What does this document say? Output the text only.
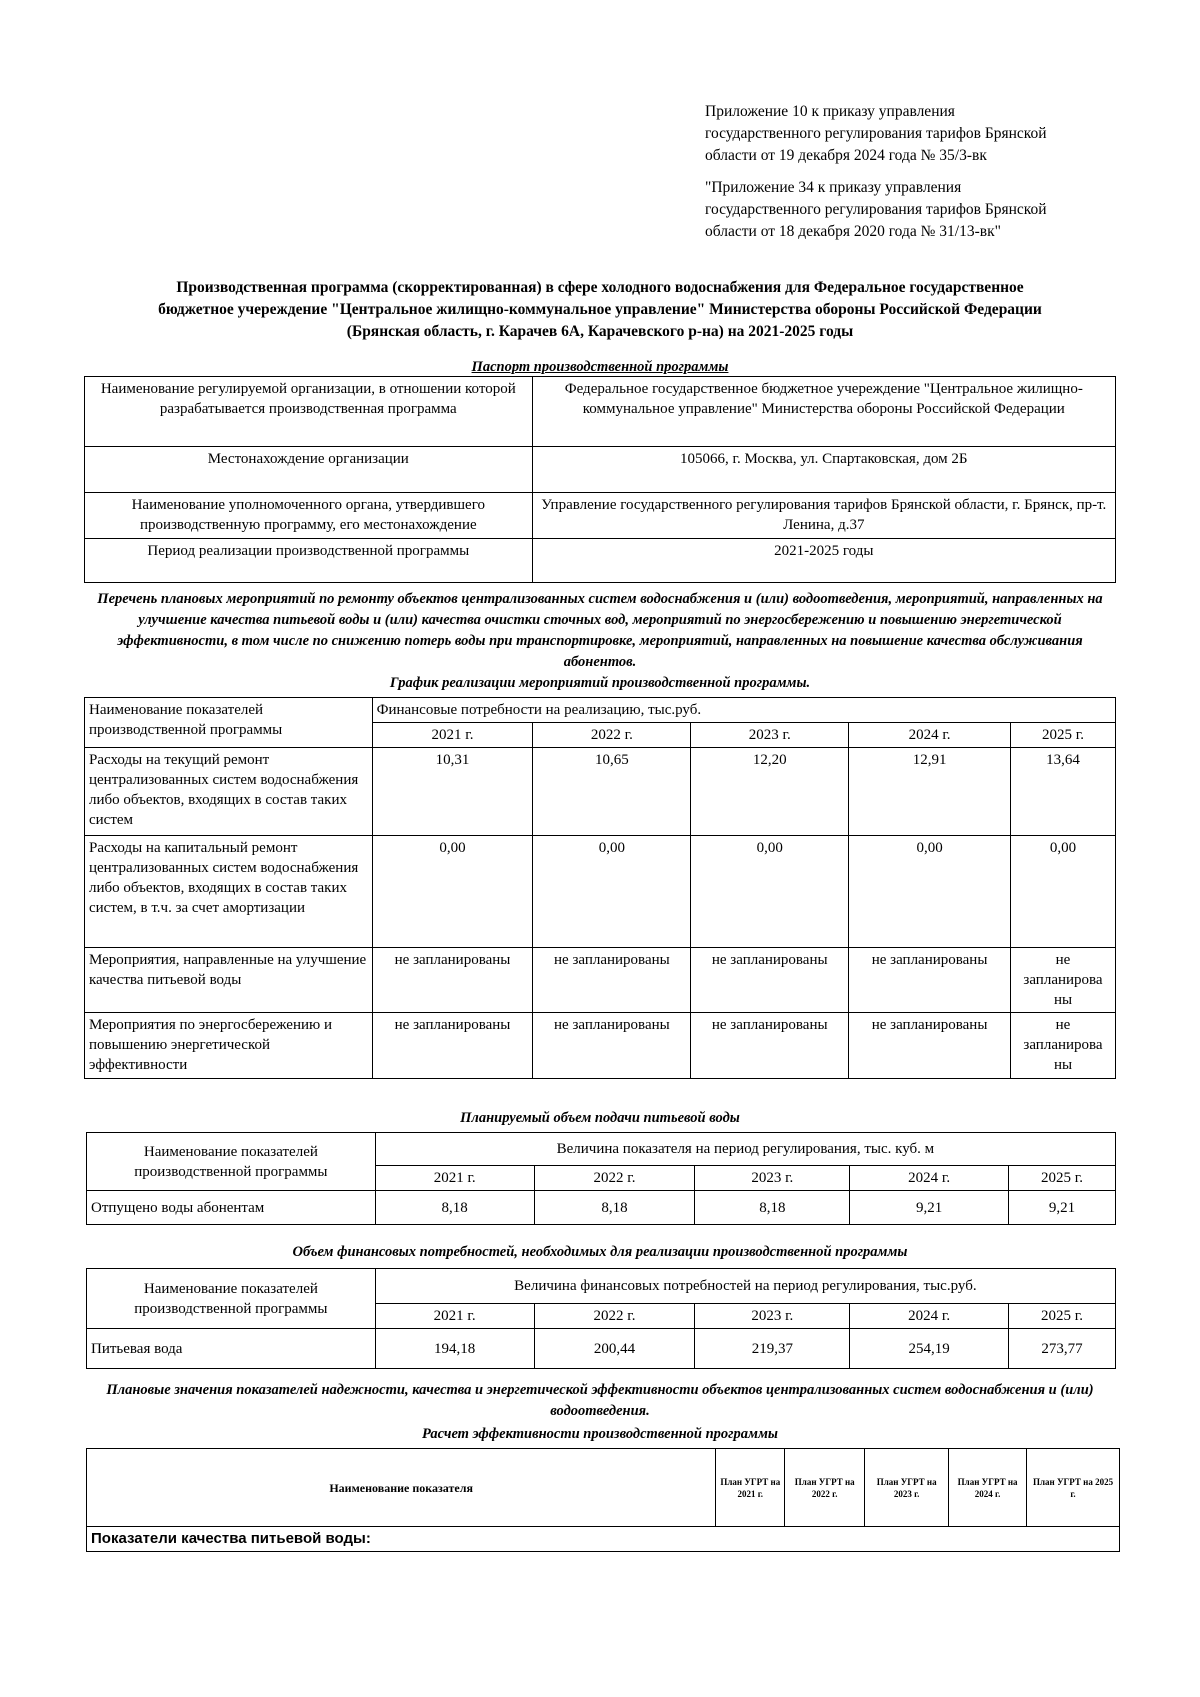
Приложение 10 к приказу управления
государственного регулирования тарифов Брянской
области от 19 декабря 2024 года № 35/3-вк
"Приложение 34 к приказу управления
государственного регулирования тарифов Брянской
области от 18 декабря 2020 года № 31/13-вк"
Производственная программа (скорректированная) в сфере холодного водоснабжения для Федеральное государственное
бюджетное учереждение "Центральное жилищно-коммунальное управление" Министерства обороны Российской Федерации
(Брянская область, г. Карачев 6А, Карачевского р-на) на 2021-2025 годы
Паспорт производственной программы
Наименование регулируемой организации, в отношении которой разрабатывается производственная программа	Федеральное государственное бюджетное учереждение "Центральное жилищно-коммунальное управление" Министерства обороны Российской Федерации
Местонахождение организации	105066, г. Москва, ул. Спартаковская, дом 2Б
Наименование уполномоченного органа, утвердившего производственную программу, его местонахождение	Управление государственного регулирования тарифов Брянской области, г. Брянск, пр-т. Ленина, д.37
Период реализации производственной программы	2021-2025 годы
Перечень плановых мероприятий по ремонту объектов централизованных систем водоснабжения и (или) водоотведения, мероприятий, направленных на улучшение качества питьевой воды и (или) качества очистки сточных вод, мероприятий по энергосбережению и повышению энергетической эффективности, в том числе по снижению потерь воды при транспортировке, мероприятий, направленных на повышение качества обслуживания абонентов.
График реализации мероприятий производственной программы.
Наименование показателей производственной программы	Финансовые потребности на реализацию, тыс.руб.				
	2021 г.	2022 г.	2023 г.	2024 г.	2025 г.
Расходы на текущий ремонт централизованных систем водоснабжения либо объектов, входящих в состав таких систем	10,31	10,65	12,20	12,91	13,64
Расходы на капитальный ремонт централизованных систем водоснабжения либо объектов, входящих в состав таких систем, в т.ч. за счет амортизации	0,00	0,00	0,00	0,00	0,00
Мероприятия, направленные на улучшение качества питьевой воды	не запланированы	не запланированы	не запланированы	не запланированы	не запланирова ны
Мероприятия по энергосбережению и повышению энергетической эффективности	не запланированы	не запланированы	не запланированы	не запланированы	не запланирова ны
Планируемый объем подачи питьевой воды
Наименование показателей производственной программы	Величина показателя на период регулирования, тыс. куб. м				
	2021 г.	2022 г.	2023 г.	2024 г.	2025 г.
Отпущено воды абонентам	8,18	8,18	8,18	9,21	9,21
Объем финансовых потребностей, необходимых для реализации производственной программы
Наименование показателей производственной программы	Величина финансовых потребностей на период регулирования, тыс.руб.				
	2021 г.	2022 г.	2023 г.	2024 г.	2025 г.
Питьевая вода	194,18	200,44	219,37	254,19	273,77
Плановые значения показателей надежности, качества и энергетической эффективности объектов централизованных систем водоснабжения и (или) водоотведения.
Расчет эффективности производственной программы
Наименование показателя	План УГРТ на 2021 г.	План УГРТ на 2022 г.	План УГРТ на 2023 г.	План УГРТ на 2024 г.	План УГРТ на 2025 г.
Показатели качества питьевой воды:
